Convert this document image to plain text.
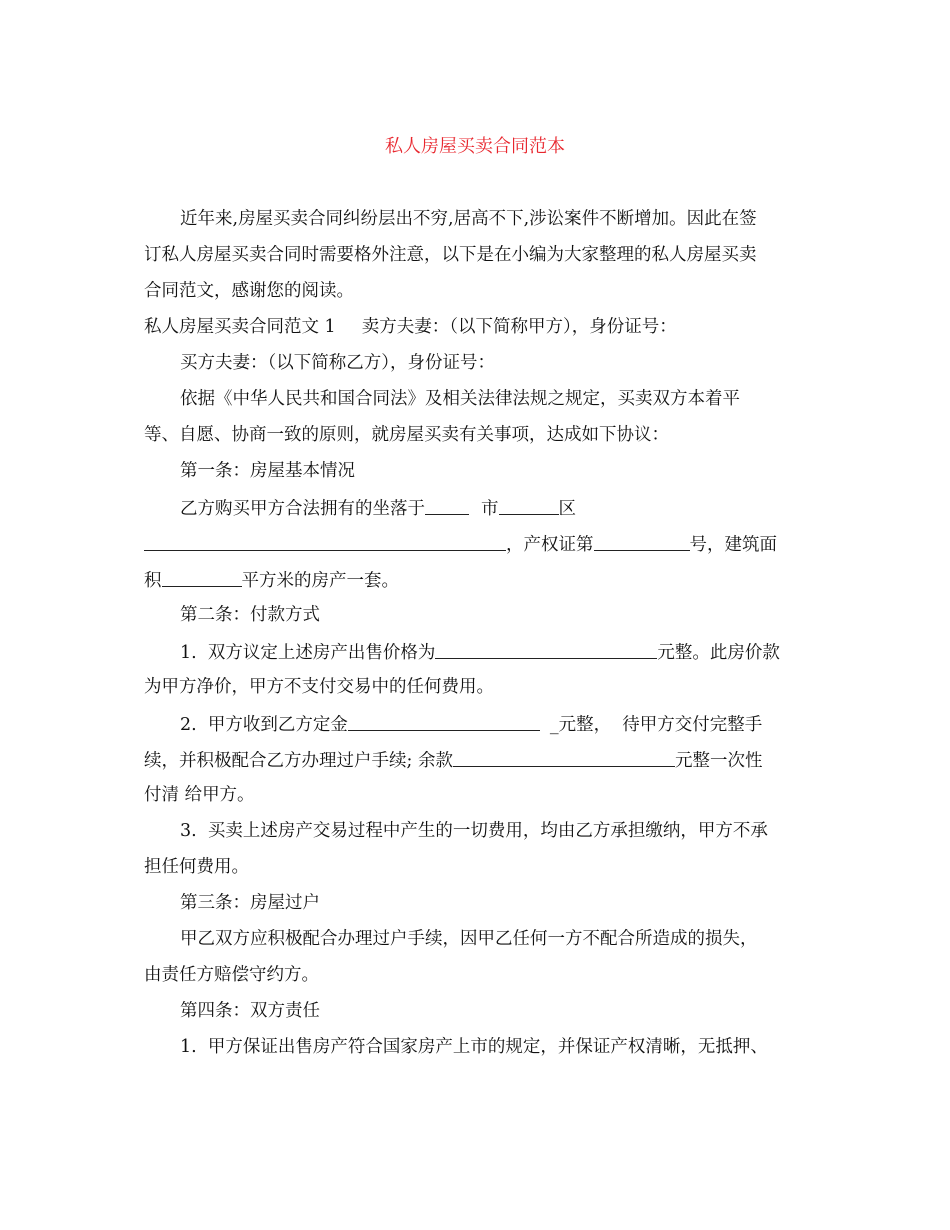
私人房屋买卖合同范本
近年来,房屋买卖合同纠纷层出不穷,居高不下,涉讼案件不断增加。因此在签
订私人房屋买卖合同时需要格外注意，以下是在小编为大家整理的私人房屋买卖
合同范文，感谢您的阅读。
私人房屋买卖合同范文 1 卖方夫妻：（以下简称甲方），身份证号：
买方夫妻：（以下简称乙方），身份证号：
依据《中华人民共和国合同法》及相关法律法规之规定，买卖双方本着平
等、自愿、协商一致的原则，就房屋买卖有关事项，达成如下协议：
第一条：房屋基本情况
乙方购买甲方合法拥有的坐落于	市	区
，产权证第	号，建筑面
积	平方米的房产一套。
第二条：付款方式
1.  双方议定上述房产出售价格为	元整。此房价款
为甲方净价，甲方不支付交易中的任何费用。
2.  甲方收到乙方定金	_元整，  待甲方交付完整手
续，并积极配合乙方办理过户手续; 余款	元整一次性
付清 给甲方。
3.  买卖上述房产交易过程中产生的一切费用，均由乙方承担缴纳，甲方不承
担任何费用。
第三条：房屋过户
甲乙双方应积极配合办理过户手续，因甲乙任何一方不配合所造成的损失，
由责任方赔偿守约方。
第四条：双方责任
1.  甲方保证出售房产符合国家房产上市的规定，并保证产权清晰，无抵押、
